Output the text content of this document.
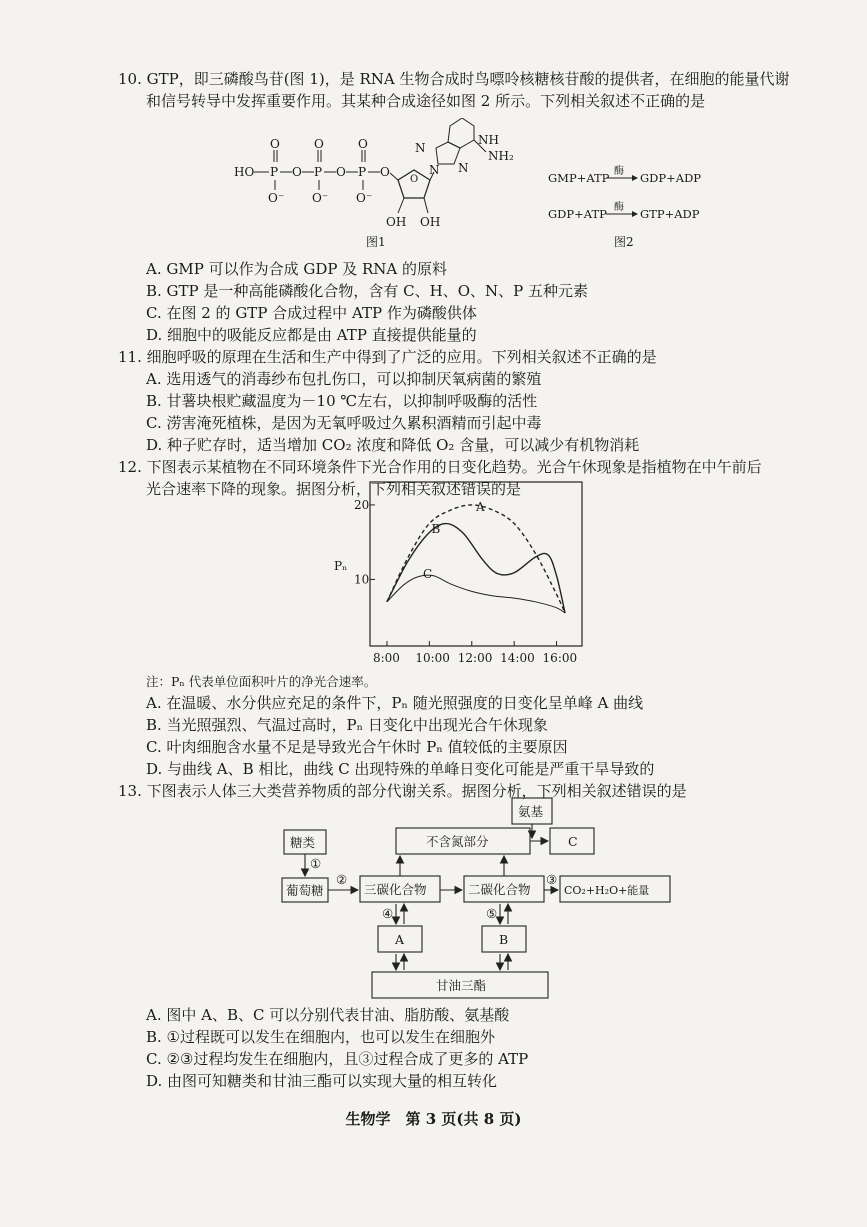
10. GTP，即三磷酸鸟苷(图 1)，是 RNA 生物合成时鸟嘌呤核糖核苷酸的提供者，在细胞的能量代谢
和信号转导中发挥重要作用。其某种合成途径如图 2 所示。下列相关叙述不正确的是
HO P
O
O⁻
O P
O
O⁻
O P
O
O⁻
O
O
OH OH
N
N
NH
N
NH₂
图1
GMP+ATP 酶 GDP+ADP
GDP+ATP 酶 GTP+ADP
图2
A. GMP 可以作为合成 GDP 及 RNA 的原料
B. GTP 是一种高能磷酸化合物，含有 C、H、O、N、P 五种元素
C. 在图 2 的 GTP 合成过程中 ATP 作为磷酸供体
D. 细胞中的吸能反应都是由 ATP 直接提供能量的
11. 细胞呼吸的原理在生活和生产中得到了广泛的应用。下列相关叙述不正确的是
A. 选用透气的消毒纱布包扎伤口，可以抑制厌氧病菌的繁殖
B. 甘薯块根贮藏温度为－10 ℃左右，以抑制呼吸酶的活性
C. 涝害淹死植株，是因为无氧呼吸过久累积酒精而引起中毒
D. 种子贮存时，适当增加 CO₂ 浓度和降低 O₂ 含量，可以减少有机物消耗
12. 下图表示某植物在不同环境条件下光合作用的日变化趋势。光合午休现象是指植物在中午前后
光合速率下降的现象。据图分析，下列相关叙述错误的是
Pₙ
10
20
8:00 10:00 12:00 14:00 16:00
A
B
C
注：Pₙ 代表单位面积叶片的净光合速率。
A. 在温暖、水分供应充足的条件下，Pₙ 随光照强度的日变化呈单峰 A 曲线
B. 当光照强烈、气温过高时，Pₙ 日变化中出现光合午休现象
C. 叶肉细胞含水量不足是导致光合午休时 Pₙ 值较低的主要原因
D. 与曲线 A、B 相比，曲线 C 出现特殊的单峰日变化可能是严重干旱导致的
13. 下图表示人体三大类营养物质的部分代谢关系。据图分析，下列相关叙述错误的是
氨基
不含氮部分	C
糖类
葡萄糖	三碳化合物	二碳化合物	CO₂+H₂O+能量
A	B
甘油三酯
①
②	③
④	⑤
A. 图中 A、B、C 可以分别代表甘油、脂肪酸、氨基酸
B. ①过程既可以发生在细胞内，也可以发生在细胞外
C. ②③过程均发生在细胞内，且③过程合成了更多的 ATP
D. 由图可知糖类和甘油三酯可以实现大量的相互转化
生物学　第 3 页(共 8 页)
